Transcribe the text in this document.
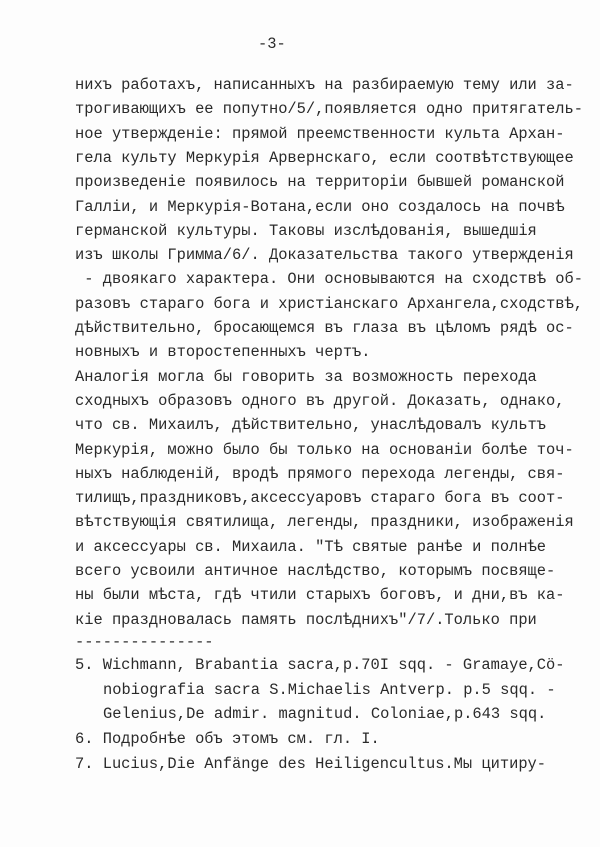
-3-
нихъ работахъ, написанныхъ на разбираемую тему или за-
трогивающихъ ее попутно/5/,появляется одно притягатель-
ное утвержденіе: прямой преемственности культа Архан-
гела культу Меркурія Арвернскаго, если соотвѣтствующее
произведеніе появилось на территоріи бывшей романской
Галліи, и Меркурія-Вотана,если оно создалось на почвѣ
германской культуры. Таковы изслѣдованія, вышедшія
изъ школы Гримма/6/. Доказательства такого утвержденія
- двоякаго характера. Они основываются на сходствѣ об-
разовъ стараго бога и христіанскаго Архангела,сходствѣ,
дѣйствительно, бросающемся въ глаза въ цѣломъ рядѣ ос-
новныхъ и второстепенныхъ чертъ.
Аналогія могла бы говорить за возможность перехода
сходныхъ образовъ одного въ другой. Доказать, однако,
что св. Михаилъ, дѣйствительно, унаслѣдовалъ культъ
Меркурія, можно было бы только на основаніи болѣе точ-
ныхъ наблюденій, вродѣ прямого перехода легенды, свя-
тилищъ,праздниковъ,аксессуаровъ стараго бога въ соот-
вѣтствующія святилища, легенды, праздники, изображенія
и аксессуары св. Михаила. "Тѣ святые ранѣе и полнѣе
всего усвоили античное наслѣдство, которымъ посвяще-
ны были мѣста, гдѣ чтили старыхъ боговъ, и дни,въ ка-
кіе праздновалась память послѣднихъ"/7/.Только при
---------------
5. Wichmann, Brabantia sacra,p.70I sqq. - Gramaye,Cö-
nobiografia sacra S.Michaelis Antverp. p.5 sqq. -
Gelenius,De admir. magnitud. Coloniae,p.643 sqq.
6. Подробнѣе объ этомъ см. гл. I.
7. Lucius,Die Anfänge des Heiligencultus.Мы цитиру-
